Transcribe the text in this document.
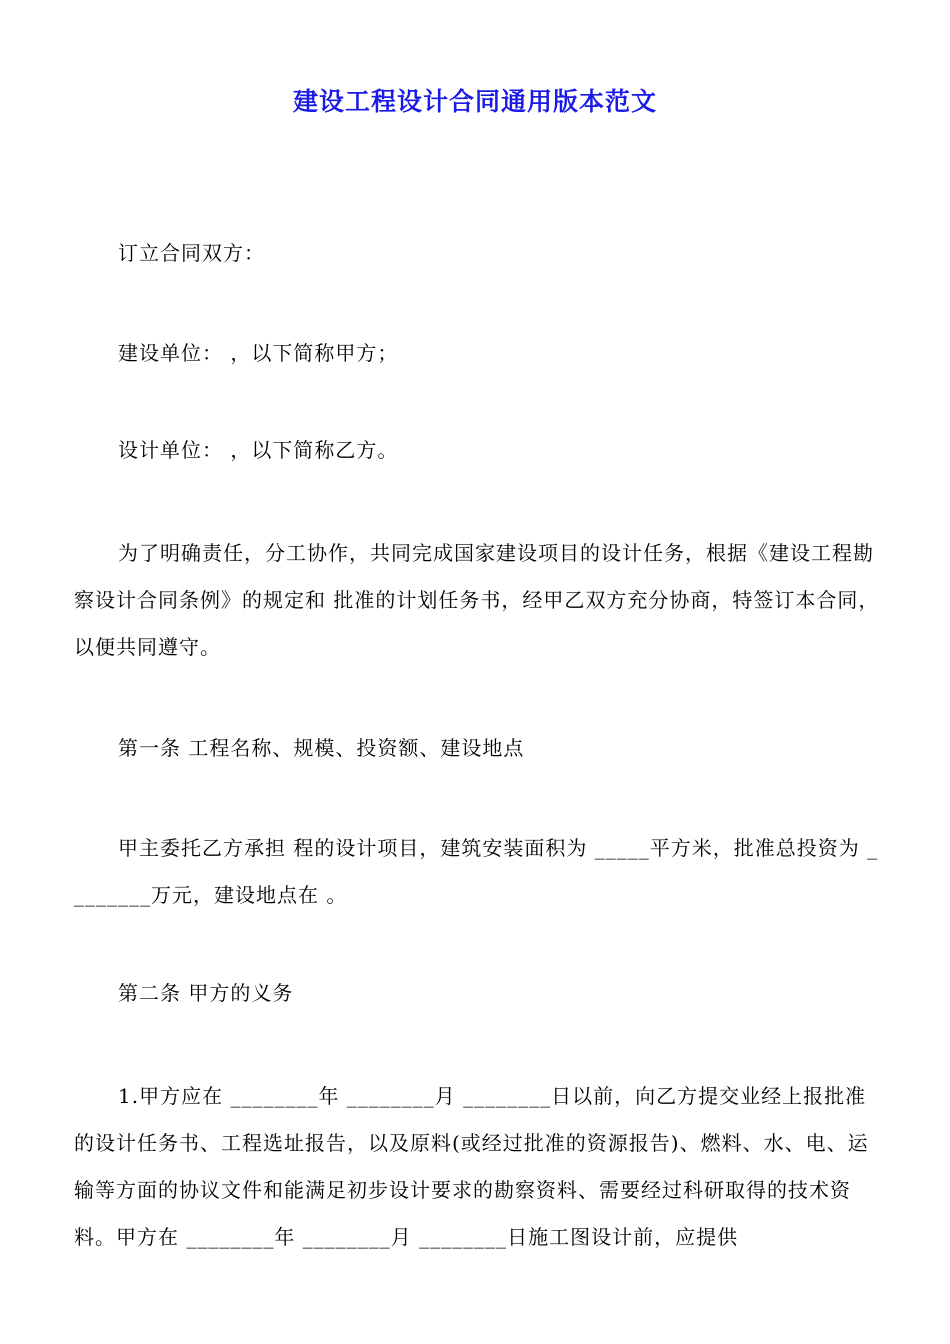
建设工程设计合同通用版本范文
订立合同双方：
建设单位： ，以下简称甲方；
设计单位： ，以下简称乙方。
为了明确责任，分工协作，共同完成国家建设项目的设计任务，根据《建设工程勘察设计合同条例》的规定和 批准的计划任务书，经甲乙双方充分协商，特签订本合同，以便共同遵守。
第一条 工程名称、规模、投资额、建设地点
甲主委托乙方承担 程的设计项目，建筑安装面积为 _____平方米，批准总投资为 ________万元，建设地点在 。
第二条 甲方的义务
1.甲方应在 ________年 ________月 ________日以前，向乙方提交业经上报批准的设计任务书、工程选址报告，以及原料(或经过批准的资源报告)、燃料、水、电、运输等方面的协议文件和能满足初步设计要求的勘察资料、需要经过科研取得的技术资料。甲方在 ________年 ________月 ________日施工图设计前，应提供
